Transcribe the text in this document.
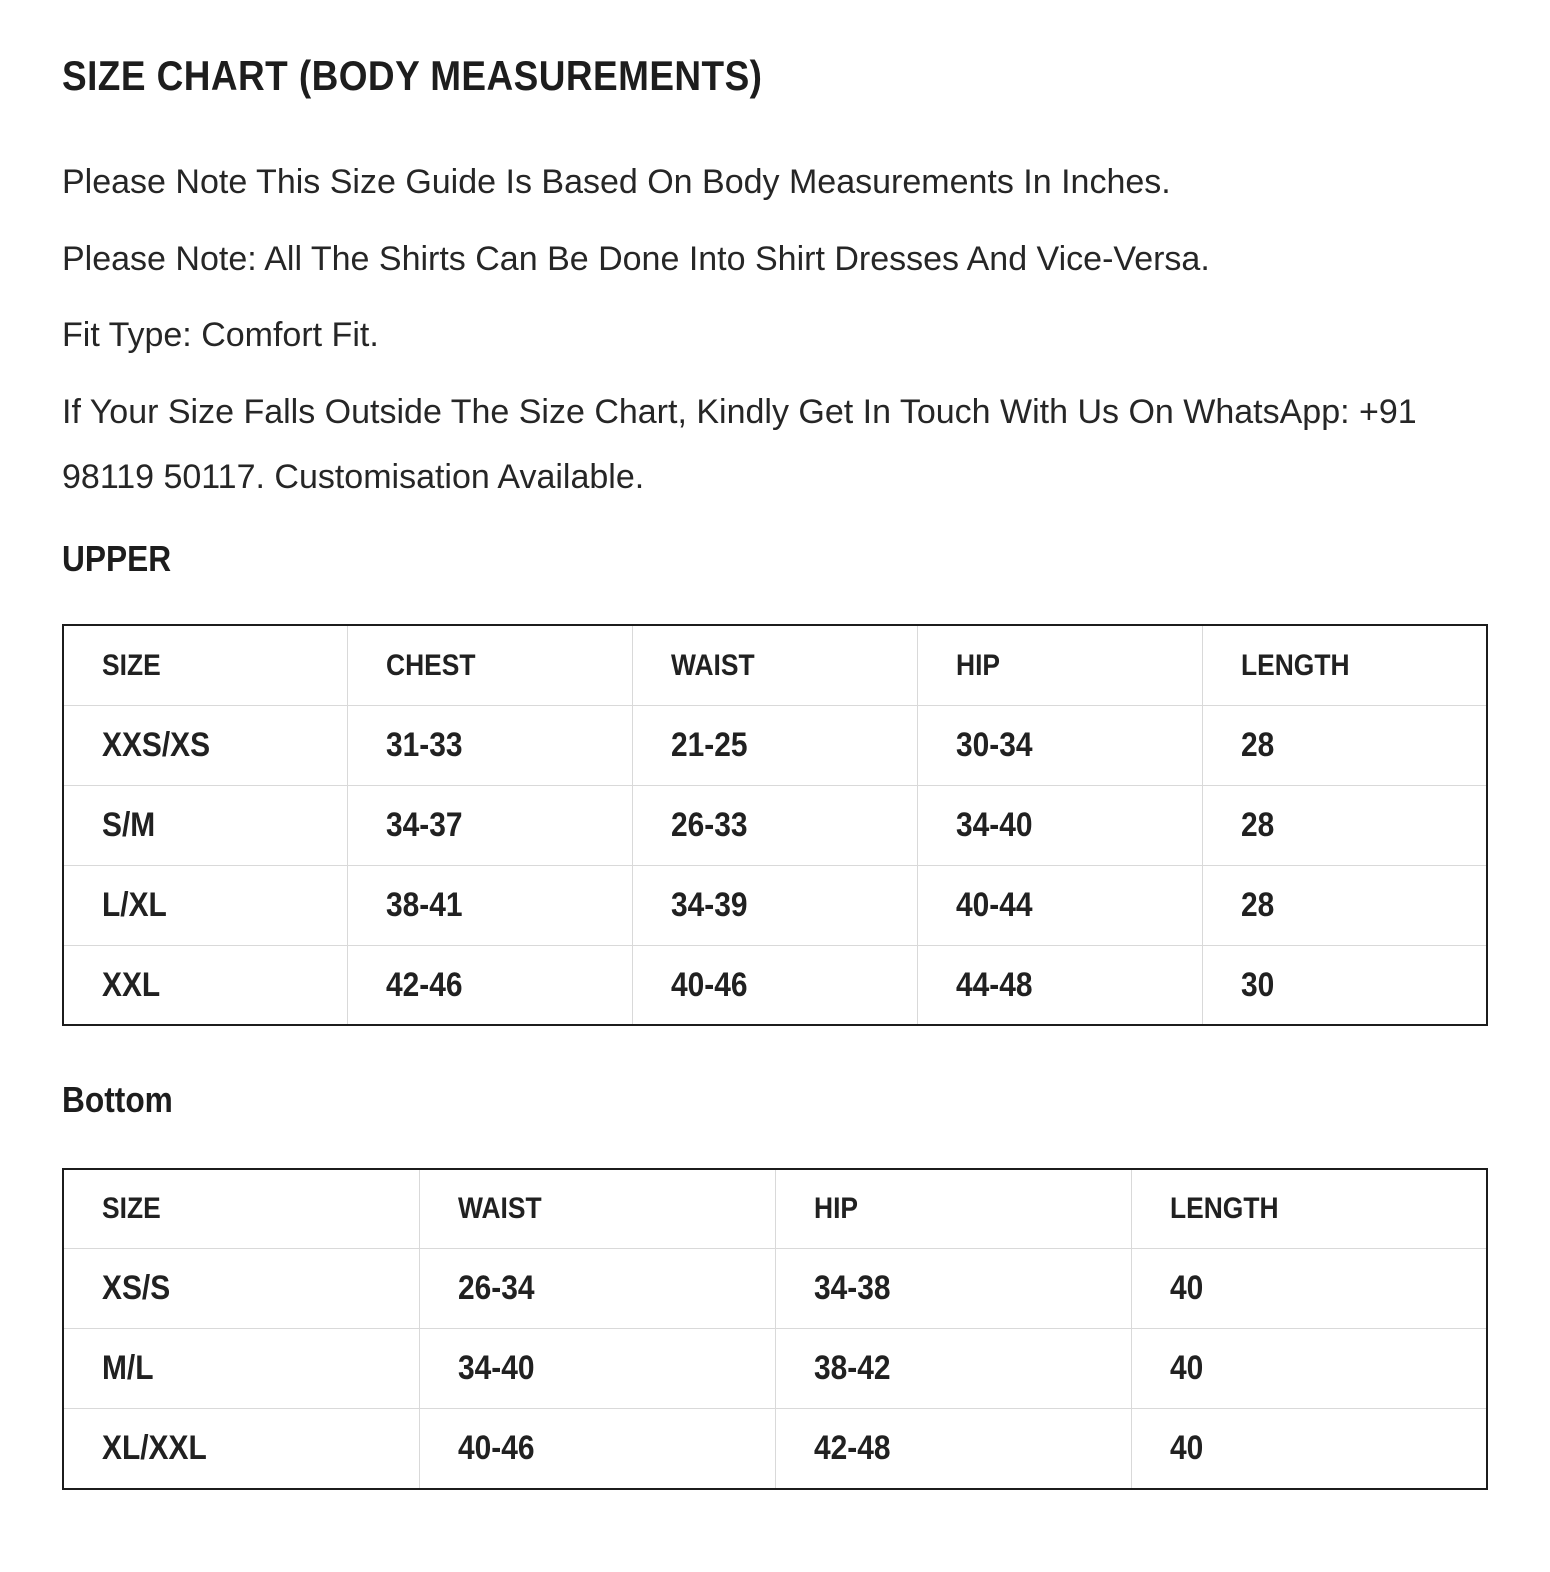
SIZE CHART (BODY MEASUREMENTS)

Please Note This Size Guide Is Based On Body Measurements In Inches.

Please Note: All The Shirts Can Be Done Into Shirt Dresses And Vice-Versa.

Fit Type: Comfort Fit.

If Your Size Falls Outside The Size Chart, Kindly Get In Touch With Us On WhatsApp: +91 98119 50117. Customisation Available.

UPPER
SIZE	CHEST	WAIST	HIP	LENGTH
XXS/XS	31-33	21-25	30-34	28
S/M	34-37	26-33	34-40	28
L/XL	38-41	34-39	40-44	28
XXL	42-46	40-46	44-48	30
Bottom
SIZE	WAIST	HIP	LENGTH
XS/S	26-34	34-38	40
M/L	34-40	38-42	40
XL/XXL	40-46	42-48	40
